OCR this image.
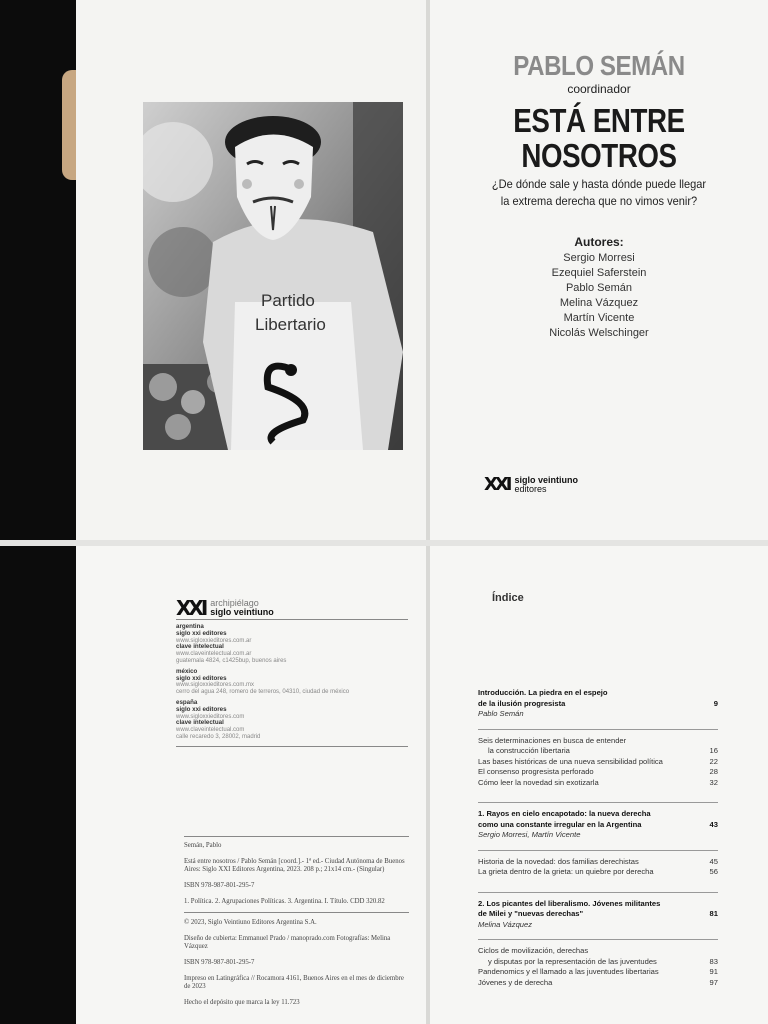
Partido
Libertario
PABLO SEMÁN
coordinador
ESTÁ ENTRE
NOSOTROS
¿De dónde sale y hasta dónde puede llegar
la extrema derecha que no vimos venir?
Autores:
Sergio Morresi
Ezequiel Saferstein
Pablo Semán
Melina Vázquez
Martín Vicente
Nicolás Welschinger
XXI siglo veintiuno
editores
XXI archipiélago
siglo veintiuno
argentina
siglo xxi editores
www.sigloxxieditores.com.ar
clave intelectual
www.claveintelectual.com.ar
guatemala 4824, c1425bup, buenos aires
méxico
siglo xxi editores
www.sigloxxieditores.com.mx
cerro del agua 248, romero de terreros, 04310, ciudad de méxico
españa
siglo xxi editores
www.sigloxxieditores.com
clave intelectual
www.claveintelectual.com
calle recaredo 3, 28002, madrid

Semán, Pablo

Está entre nosotros / Pablo Semán [coord.].- 1ª ed.- Ciudad Autónoma de Buenos Aires: Siglo XXI Editores Argentina, 2023. 208 p.; 21x14 cm.- (Singular)

ISBN 978-987-801-295-7

1. Política. 2. Agrupaciones Políticas. 3. Argentina. I. Título. CDD 320.82

© 2023, Siglo Veintiuno Editores Argentina S.A.

Diseño de cubierta: Emmanuel Prado / manoprado.com Fotografías: Melina Vázquez

ISBN 978-987-801-295-7

Impreso en Latingráfica // Rocamora 4161, Buenos Aires en el mes de diciembre de 2023

Hecho el depósito que marca la ley 11.723

Índice
Introducción. La piedra en el espejo
de la ilusión progresista	9
Pablo Semán
Seis determinaciones en busca de entender
la construcción libertaria	16
Las bases históricas de una nueva sensibilidad política	22
El consenso progresista perforado	28
Cómo leer la novedad sin exotizarla	32
1. Rayos en cielo encapotado: la nueva derecha
como una constante irregular en la Argentina	43
Sergio Morresi, Martín Vicente
Historia de la novedad: dos familias derechistas	45
La grieta dentro de la grieta: un quiebre por derecha	56
2. Los picantes del liberalismo. Jóvenes militantes
de Milei y "nuevas derechas"	81
Melina Vázquez
Ciclos de movilización, derechas
y disputas por la representación de las juventudes	83
Pandenomics y el llamado a las juventudes libertarias	91
Jóvenes y de derecha	97
